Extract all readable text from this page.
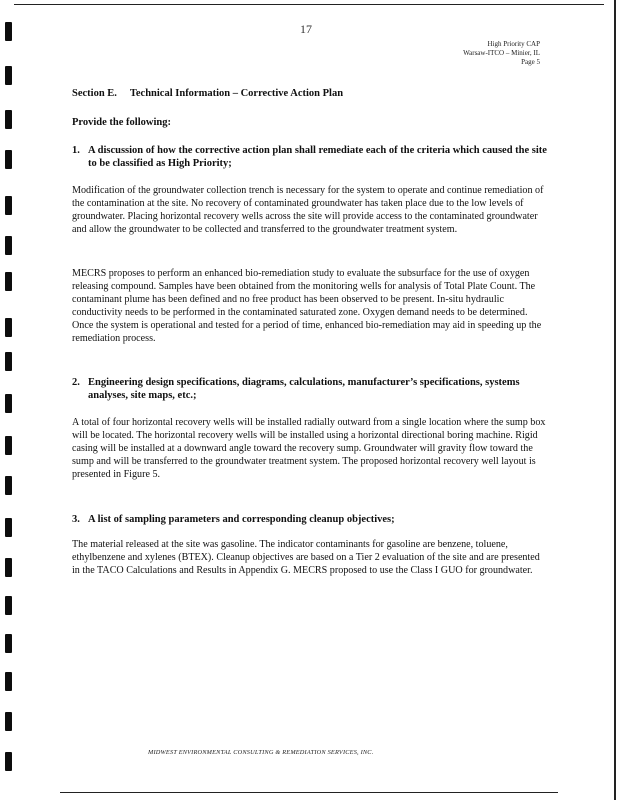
17
High Priority CAP
Warsaw-ITCO – Minier, IL
Page 5
Section E.     Technical Information – Corrective Action Plan
Provide the following:
1. A discussion of how the corrective action plan shall remediate each of the criteria which caused the site to be classified as High Priority;
Modification of the groundwater collection trench is necessary for the system to operate and continue remediation of the contamination at the site. No recovery of contaminated groundwater has taken place due to the low levels of groundwater. Placing horizontal recovery wells across the site will provide access to the contaminated groundwater and allow the groundwater to be collected and transferred to the groundwater treatment system.
MECRS proposes to perform an enhanced bio-remediation study to evaluate the subsurface for the use of oxygen releasing compound. Samples have been obtained from the monitoring wells for analysis of Total Plate Count. The contaminant plume has been defined and no free product has been observed to be present. In-situ hydraulic conductivity needs to be performed in the contaminated saturated zone. Oxygen demand needs to be determined. Once the system is operational and tested for a period of time, enhanced bio-remediation may aid in speeding up the remediation process.
2. Engineering design specifications, diagrams, calculations, manufacturer’s specifications, systems analyses, site maps, etc.;
A total of four horizontal recovery wells will be installed radially outward from a single location where the sump box will be located. The horizontal recovery wells will be installed using a horizontal directional boring machine. Rigid casing will be installed at a downward angle toward the recovery sump. Groundwater will gravity flow toward the sump and will be transferred to the groundwater treatment system. The proposed horizontal recovery well layout is presented in Figure 5.
3. A list of sampling parameters and corresponding cleanup objectives;
The material released at the site was gasoline. The indicator contaminants for gasoline are benzene, toluene, ethylbenzene and xylenes (BTEX). Cleanup objectives are based on a Tier 2 evaluation of the site and are presented in the TACO Calculations and Results in Appendix G. MECRS proposed to use the Class I GUO for groundwater.
MIDWEST ENVIRONMENTAL CONSULTING & REMEDIATION SERVICES, INC.
